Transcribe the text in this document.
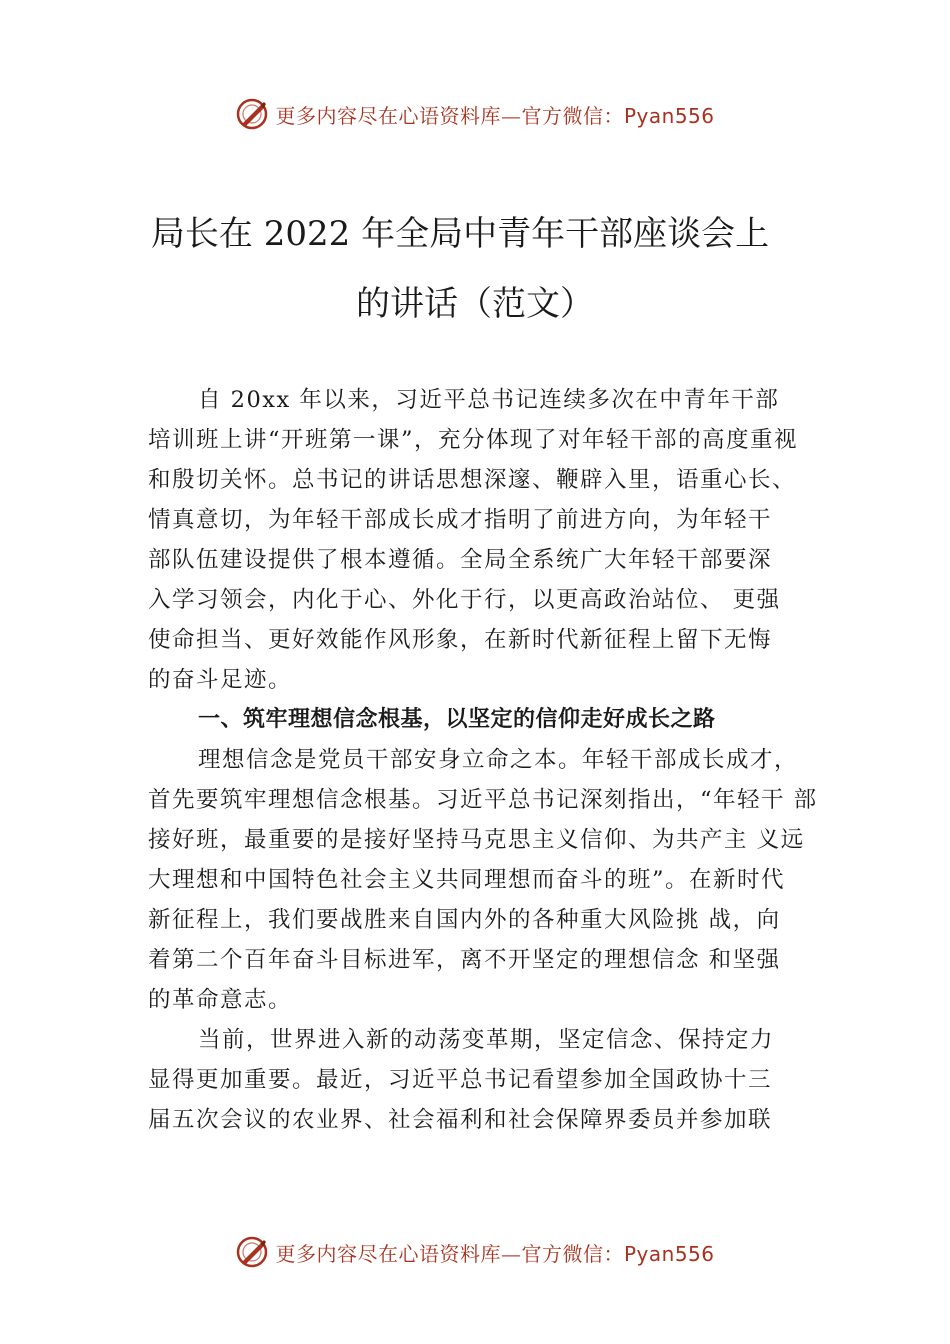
更多内容尽在心语资料库—官方微信：Pyan556
局长在 2022 年全局中青年干部座谈会上
的讲话（范文）
自 20xx 年以来，习近平总书记连续多次在中青年干部
培训班上讲“开班第一课”，充分体现了对年轻干部的高度重视
和殷切关怀。总书记的讲话思想深邃、鞭辟入里，语重心长、
情真意切，为年轻干部成长成才指明了前进方向，为年轻干
部队伍建设提供了根本遵循。全局全系统广大年轻干部要深
入学习领会，内化于心、外化于行，以更高政治站位、 更强
使命担当、更好效能作风形象，在新时代新征程上留下无悔
的奋斗足迹。
一、筑牢理想信念根基，以坚定的信仰走好成长之路
理想信念是党员干部安身立命之本。年轻干部成长成才，
首先要筑牢理想信念根基。习近平总书记深刻指出，“年轻干 部
接好班，最重要的是接好坚持马克思主义信仰、为共产主 义远
大理想和中国特色社会主义共同理想而奋斗的班”。在新时代
新征程上，我们要战胜来自国内外的各种重大风险挑 战，向
着第二个百年奋斗目标进军，离不开坚定的理想信念 和坚强
的革命意志。
当前，世界进入新的动荡变革期，坚定信念、保持定力
显得更加重要。最近，习近平总书记看望参加全国政协十三
届五次会议的农业界、社会福利和社会保障界委员并参加联
更多内容尽在心语资料库—官方微信：Pyan556
